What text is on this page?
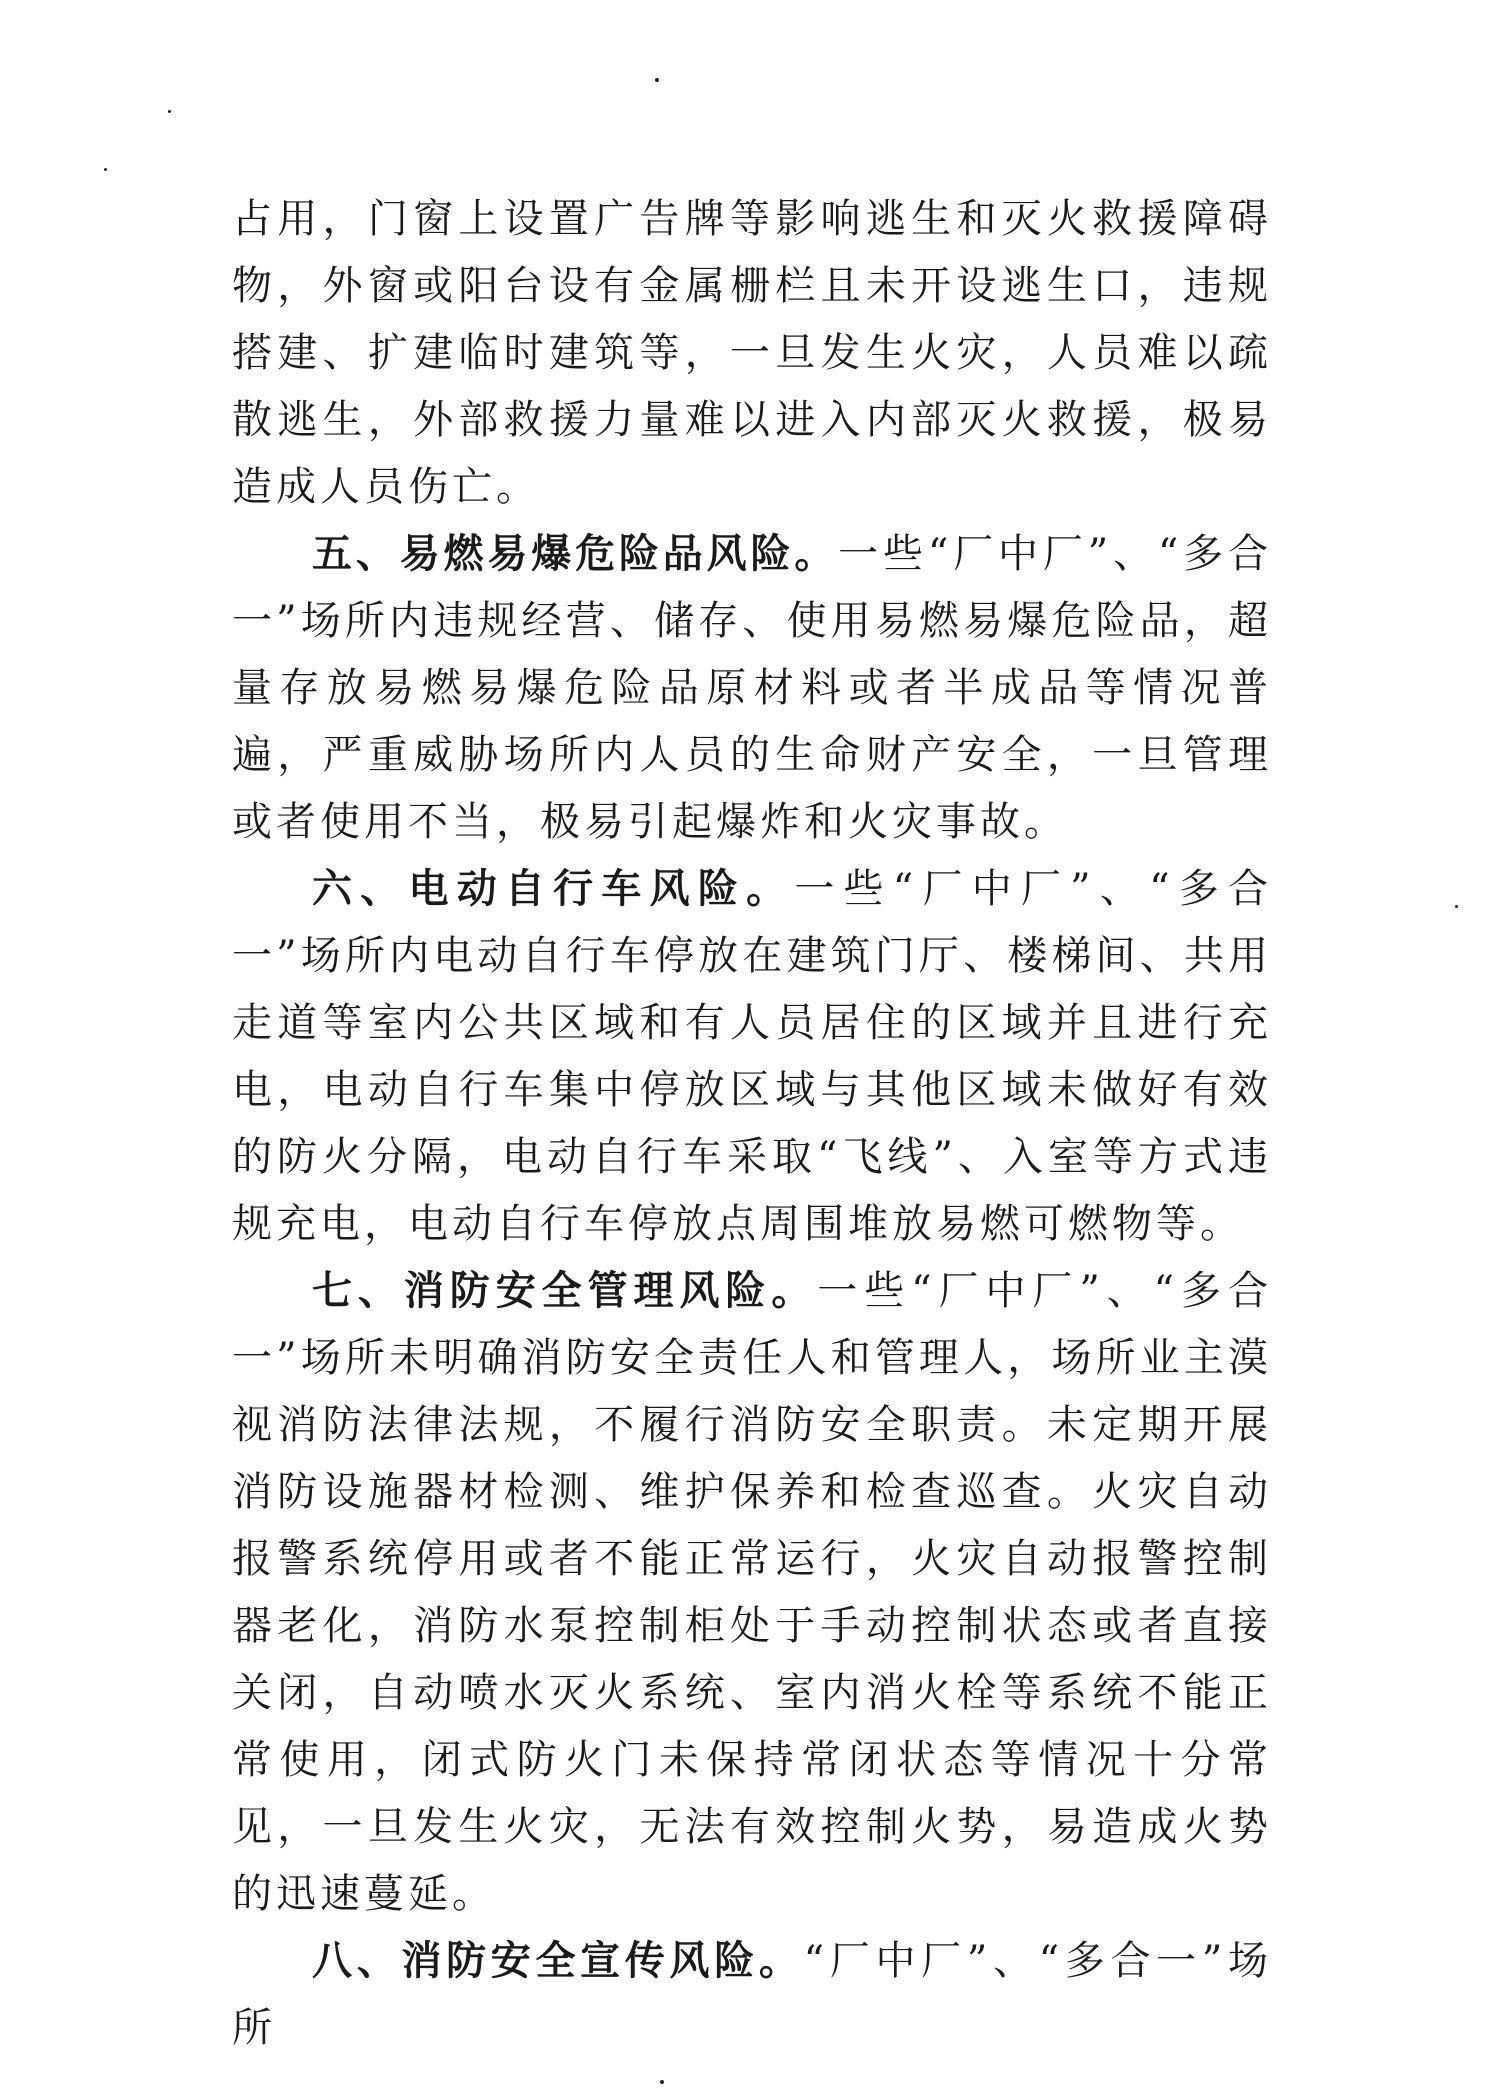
占用，门窗上设置广告牌等影响逃生和灭火救援障碍物，外窗或阳台设有金属栅栏且未开设逃生口，违规搭建、扩建临时建筑等，一旦发生火灾，人员难以疏散逃生，外部救援力量难以进入内部灭火救援，极易造成人员伤亡。

五、易燃易爆危险品风险。一些“厂中厂”、“多合一”场所内违规经营、储存、使用易燃易爆危险品，超量存放易燃易爆危险品原材料或者半成品等情况普遍，严重威胁场所内人员的生命财产安全，一旦管理或者使用不当，极易引起爆炸和火灾事故。

六、电动自行车风险。一些“厂中厂”、“多合一”场所内电动自行车停放在建筑门厅、楼梯间、共用走道等室内公共区域和有人员居住的区域并且进行充电，电动自行车集中停放区域与其他区域未做好有效的防火分隔，电动自行车采取“飞线”、入室等方式违规充电，电动自行车停放点周围堆放易燃可燃物等。

七、消防安全管理风险。一些“厂中厂”、“多合一”场所未明确消防安全责任人和管理人，场所业主漠视消防法律法规，不履行消防安全职责。未定期开展消防设施器材检测、维护保养和检查巡查。火灾自动报警系统停用或者不能正常运行，火灾自动报警控制器老化，消防水泵控制柜处于手动控制状态或者直接关闭，自动喷水灭火系统、室内消火栓等系统不能正常使用，闭式防火门未保持常闭状态等情况十分常见，一旦发生火灾，无法有效控制火势，易造成火势的迅速蔓延。

八、消防安全宣传风险。“厂中厂”、“多合一”场所
